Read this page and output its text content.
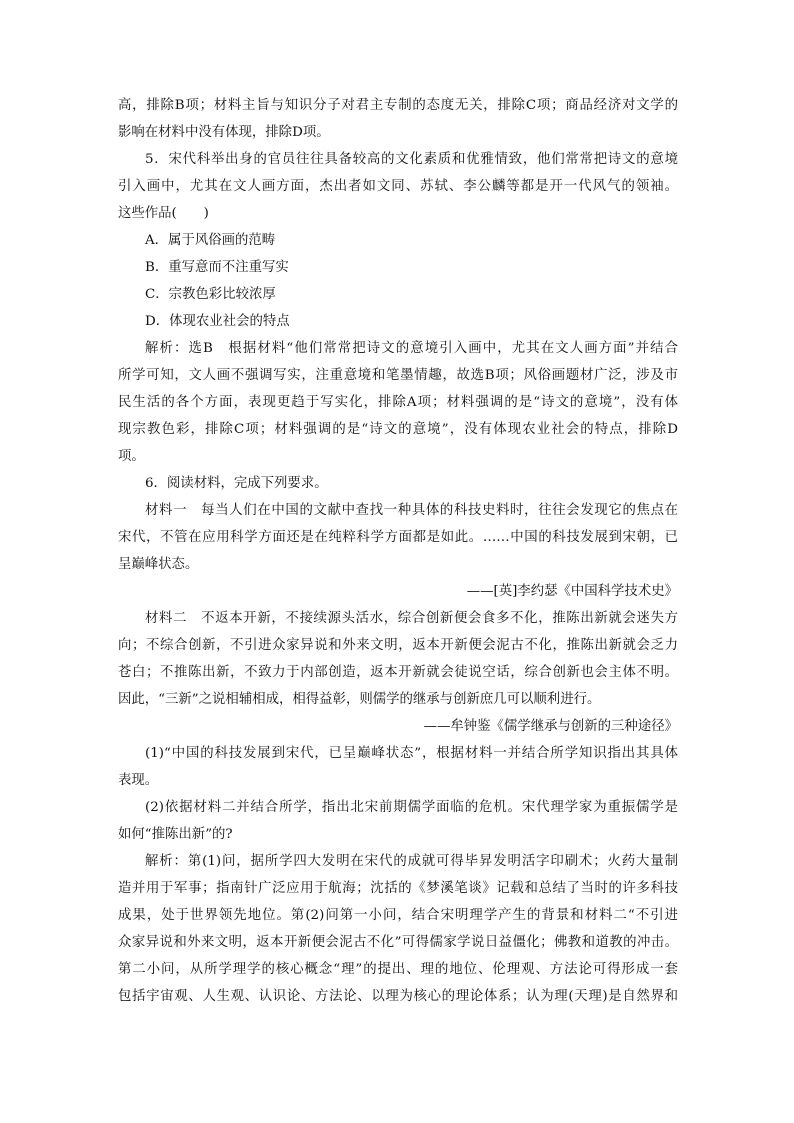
高，排除B项；材料主旨与知识分子对君主专制的态度无关，排除C项；商品经济对文学的
影响在材料中没有体现，排除D项。
5．宋代科举出身的官员往往具备较高的文化素质和优雅情致，他们常常把诗文的意境
引入画中，尤其在文人画方面，杰出者如文同、苏轼、李公麟等都是开一代风气的领袖。
这些作品(　　)
A．属于风俗画的范畴
B．重写意而不注重写实
C．宗教色彩比较浓厚
D．体现农业社会的特点
解析：选B　根据材料“他们常常把诗文的意境引入画中，尤其在文人画方面”并结合
所学可知，文人画不强调写实，注重意境和笔墨情趣，故选B项；风俗画题材广泛，涉及市
民生活的各个方面，表现更趋于写实化，排除A项；材料强调的是“诗文的意境”，没有体
现宗教色彩，排除C项；材料强调的是“诗文的意境”，没有体现农业社会的特点，排除D
项。
6．阅读材料，完成下列要求。
材料一　每当人们在中国的文献中查找一种具体的科技史料时，往往会发现它的焦点在
宋代，不管在应用科学方面还是在纯粹科学方面都是如此。……中国的科技发展到宋朝，已
呈巅峰状态。
——[英]李约瑟《中国科学技术史》
材料二　不返本开新，不接续源头活水，综合创新便会食多不化，推陈出新就会迷失方
向；不综合创新，不引进众家异说和外来文明，返本开新便会泥古不化，推陈出新就会乏力
苍白；不推陈出新，不致力于内部创造，返本开新就会徒说空话，综合创新也会主体不明。
因此，“三新”之说相辅相成，相得益彰，则儒学的继承与创新庶几可以顺利进行。
——牟钟鉴《儒学继承与创新的三种途径》
(1)“中国的科技发展到宋代，已呈巅峰状态”，根据材料一并结合所学知识指出其具体
表现。
(2)依据材料二并结合所学，指出北宋前期儒学面临的危机。宋代理学家为重振儒学是
如何“推陈出新”的?
解析：第(1)问，据所学四大发明在宋代的成就可得毕昇发明活字印刷术；火药大量制
造并用于军事；指南针广泛应用于航海；沈括的《梦溪笔谈》记载和总结了当时的许多科技
成果，处于世界领先地位。第(2)问第一小问，结合宋明理学产生的背景和材料二“不引进
众家异说和外来文明，返本开新便会泥古不化”可得儒家学说日益僵化；佛教和道教的冲击。
第二小问，从所学理学的核心概念“理”的提出、理的地位、伦理观、方法论可得形成一套
包括宇宙观、人生观、认识论、方法论、以理为核心的理论体系；认为理(天理)是自然界和
